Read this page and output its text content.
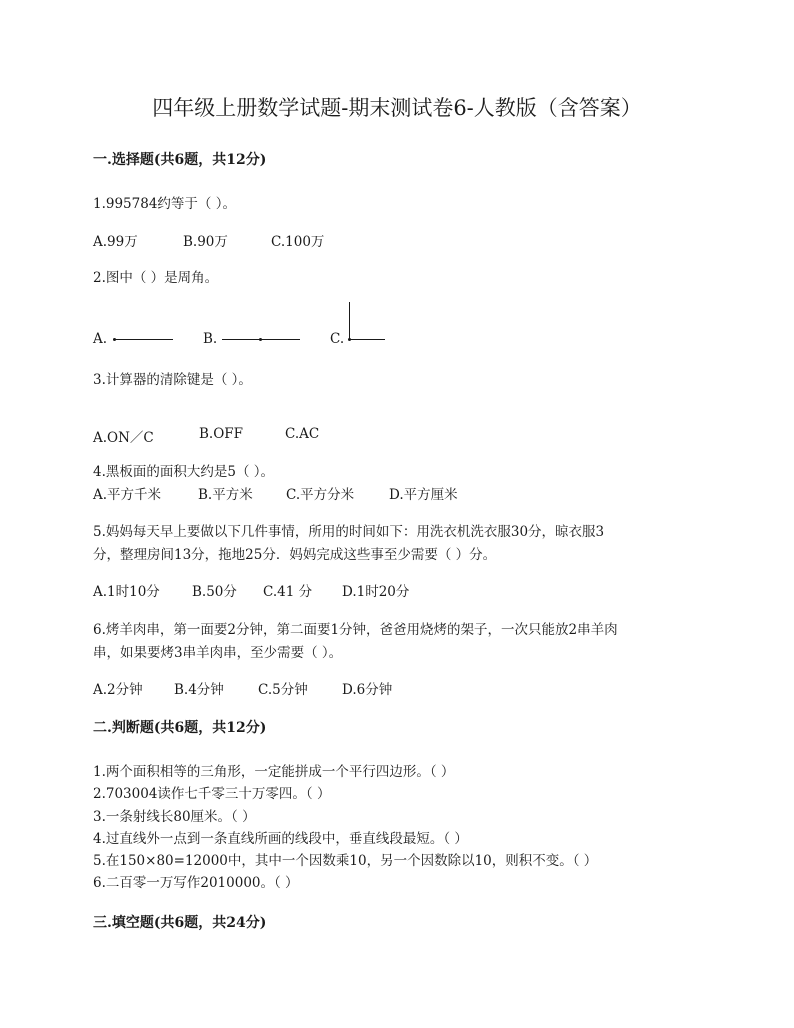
四年级上册数学试题-期末测试卷6-人教版（含答案）
一.选择题(共6题，共12分)
1.995784约等于（ ）。
A.99万	B.90万	C.100万
2.图中（ ）是周角。
A.	B.	C.
3.计算器的清除键是（ ）。
A.ON／C	B.OFF	C.AC
4.黑板面的面积大约是5（ ）。
A.平方千米	B.平方米 C.平方分米	D.平方厘米
5.妈妈每天早上要做以下几件事情，所用的时间如下：用洗衣机洗衣服30分，晾衣服3
分，整理房间13分，拖地25分．妈妈完成这些事至少需要（ ）分。
A.1时10分 B.50分 C.41 分 D.1时20分
6.烤羊肉串，第一面要2分钟，第二面要1分钟，爸爸用烧烤的架子，一次只能放2串羊肉
串，如果要烤3串羊肉串，至少需要（ ）。
A.2分钟 B.4分钟	C.5分钟	D.6分钟
二.判断题(共6题，共12分)
1.两个面积相等的三角形，一定能拼成一个平行四边形。（ ）
2.703004读作七千零三十万零四。（ ）
3.一条射线长80厘米。（ ）
4.过直线外一点到一条直线所画的线段中，垂直线段最短。（ ）
5.在150×80=12000中，其中一个因数乘10，另一个因数除以10，则积不变。（ ）
6.二百零一万写作2010000。（ ）
三.填空题(共6题，共24分)
